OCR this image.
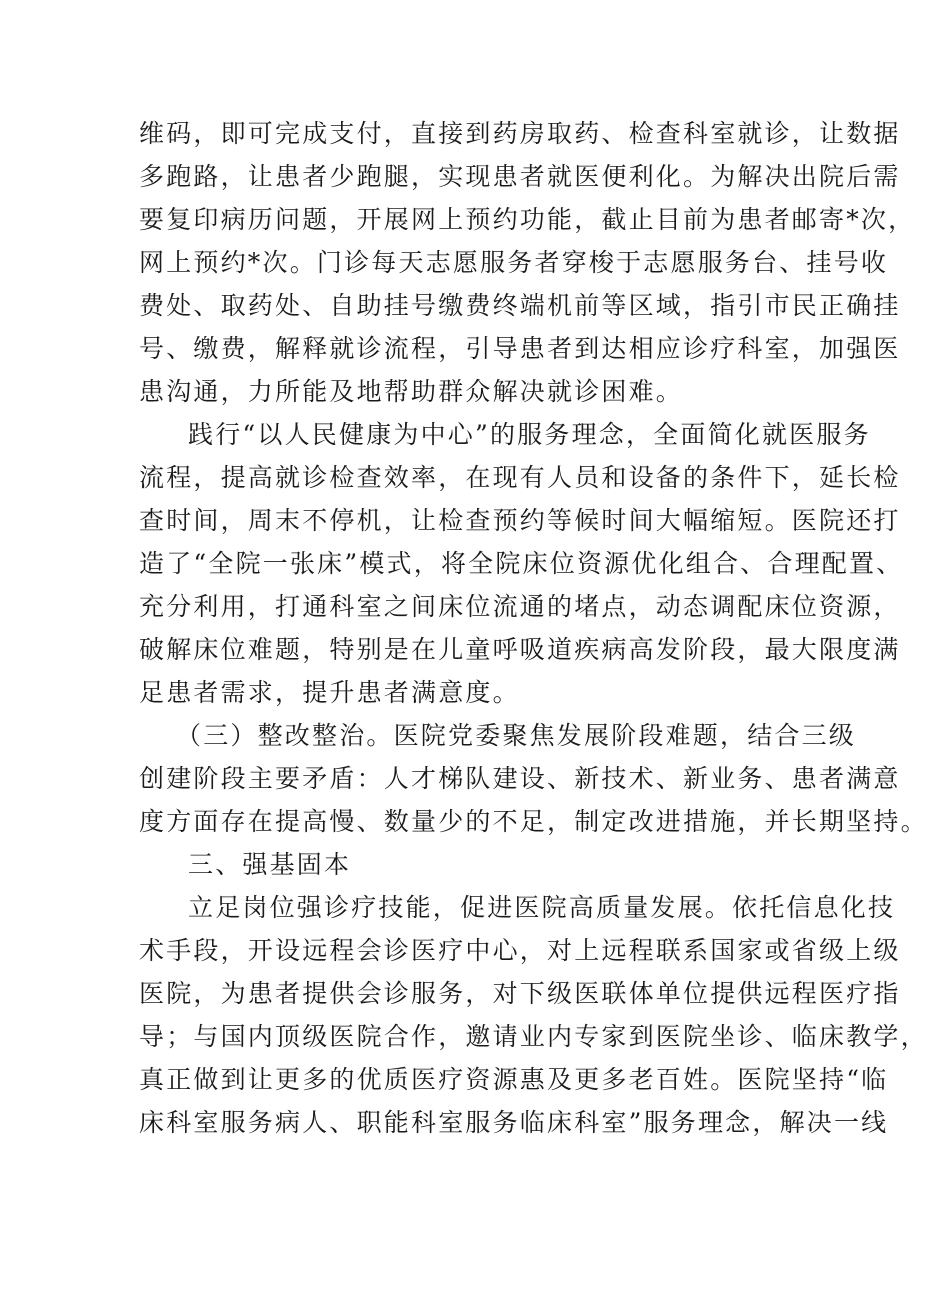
维码，即可完成支付，直接到药房取药、检查科室就诊，让数据
多跑路，让患者少跑腿，实现患者就医便利化。为解决出院后需
要复印病历问题，开展网上预约功能，截止目前为患者邮寄*次，
网上预约*次。门诊每天志愿服务者穿梭于志愿服务台、挂号收
费处、取药处、自助挂号缴费终端机前等区域，指引市民正确挂
号、缴费，解释就诊流程，引导患者到达相应诊疗科室，加强医
患沟通，力所能及地帮助群众解决就诊困难。
践行“以人民健康为中心”的服务理念，全面简化就医服务
流程，提高就诊检查效率，在现有人员和设备的条件下，延长检
查时间，周末不停机，让检查预约等候时间大幅缩短。医院还打
造了“全院一张床”模式，将全院床位资源优化组合、合理配置、
充分利用，打通科室之间床位流通的堵点，动态调配床位资源，
破解床位难题，特别是在儿童呼吸道疾病高发阶段，最大限度满
足患者需求，提升患者满意度。
（三）整改整治。医院党委聚焦发展阶段难题，结合三级
创建阶段主要矛盾：人才梯队建设、新技术、新业务、患者满意
度方面存在提高慢、数量少的不足，制定改进措施，并长期坚持。
三、强基固本
立足岗位强诊疗技能，促进医院高质量发展。依托信息化技
术手段，开设远程会诊医疗中心，对上远程联系国家或省级上级
医院，为患者提供会诊服务，对下级医联体单位提供远程医疗指
导；与国内顶级医院合作，邀请业内专家到医院坐诊、临床教学，
真正做到让更多的优质医疗资源惠及更多老百姓。医院坚持“临
床科室服务病人、职能科室服务临床科室”服务理念，解决一线
